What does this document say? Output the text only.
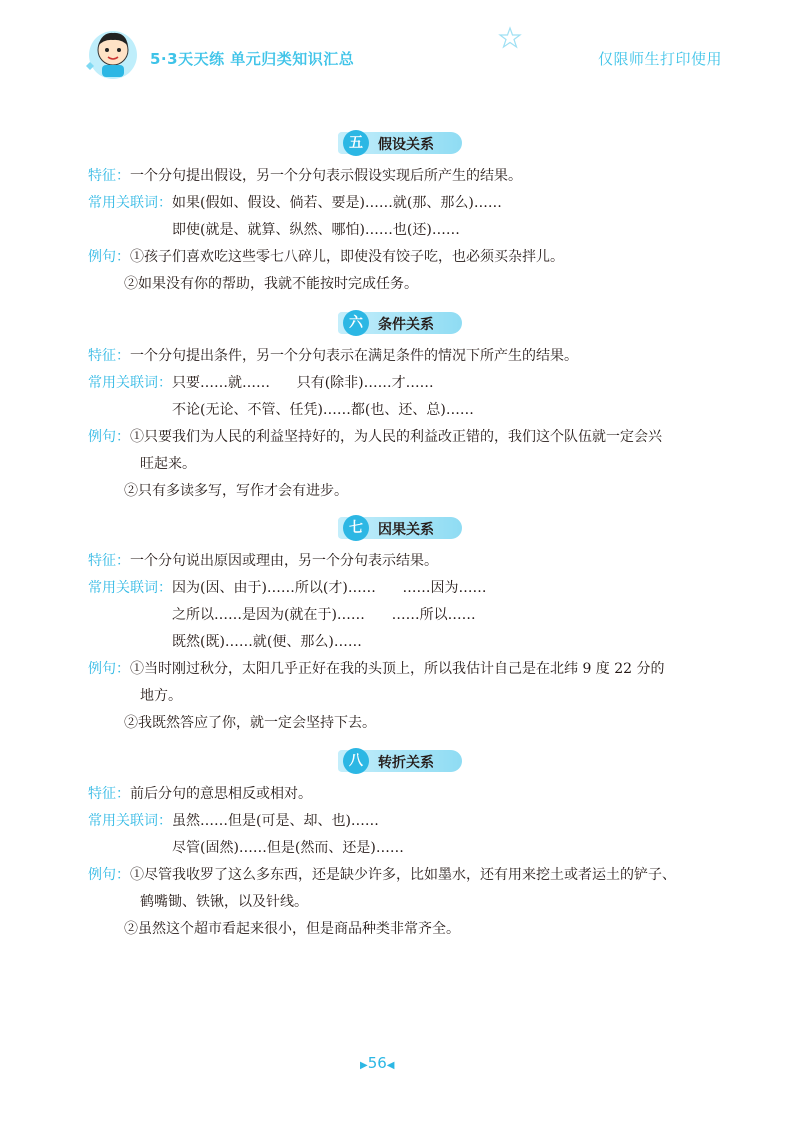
5·3天天练 单元归类知识汇总	仅限师生打印使用
五	假设关系
特征：一个分句提出假设，另一个分句表示假设实现后所产生的结果。
常用关联词：如果(假如、假设、倘若、要是)……就(那、那么)……
即使(就是、就算、纵然、哪怕)……也(还)……
例句：①孩子们喜欢吃这些零七八碎儿，即使没有饺子吃，也必须买杂拌儿。
②如果没有你的帮助，我就不能按时完成任务。
六	条件关系
特征：一个分句提出条件，另一个分句表示在满足条件的情况下所产生的结果。
常用关联词：只要……就……      只有(除非)……才……
不论(无论、不管、任凭)……都(也、还、总)……
例句：①只要我们为人民的利益坚持好的，为人民的利益改正错的，我们这个队伍就一定会兴
旺起来。
②只有多读多写，写作才会有进步。
七	因果关系
特征：一个分句说出原因或理由，另一个分句表示结果。
常用关联词：因为(因、由于)……所以(才)……      ……因为……
之所以……是因为(就在于)……      ……所以……
既然(既)……就(便、那么)……
例句：①当时刚过秋分，太阳几乎正好在我的头顶上，所以我估计自己是在北纬 9 度 22 分的
地方。
②我既然答应了你，就一定会坚持下去。
八	转折关系
特征：前后分句的意思相反或相对。
常用关联词：虽然……但是(可是、却、也)……
尽管(固然)……但是(然而、还是)……
例句：①尽管我收罗了这么多东西，还是缺少许多，比如墨水，还有用来挖土或者运土的铲子、
鹤嘴锄、铁锹，以及针线。
②虽然这个超市看起来很小，但是商品种类非常齐全。
▶56◀
